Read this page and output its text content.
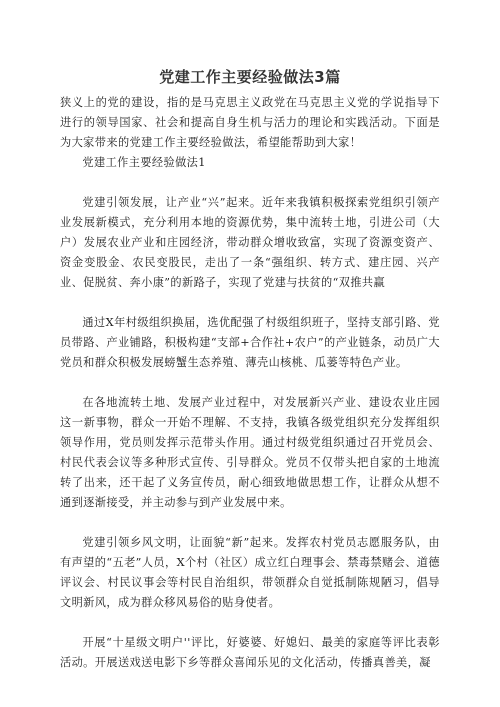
党建工作主要经验做法3篇

狭义上的党的建设，指的是马克思主义政党在马克思主义党的学说指导下进行的领导国家、社会和提高自身生机与活力的理论和实践活动。下面是为大家带来的党建工作主要经验做法，希望能帮助到大家！

党建工作主要经验做法1

党建引领发展，让产业“兴”起来。近年来我镇积极探索党组织引领产业发展新模式，充分利用本地的资源优势，集中流转土地，引进公司（大户）发展农业产业和庄园经济，带动群众增收致富，实现了资源变资产、资金变股金、农民变股民，走出了一条“强组织、转方式、建庄园、兴产业、促脱贫、奔小康”的新路子，实现了党建与扶贫的“双推共赢

通过X年村级组织换届，选优配强了村级组织班子，坚持支部引路、党员带路、产业铺路，积极构建“支部+合作社+农户”的产业链条，动员广大党员和群众积极发展螃蟹生态养殖、薄壳山核桃、瓜蒌等特色产业。

在各地流转土地、发展产业过程中，对发展新兴产业、建设农业庄园这一新事物，群众一开始不理解、不支持，我镇各级党组织充分发挥组织领导作用，党员则发挥示范带头作用。通过村级党组织通过召开党员会、村民代表会议等多种形式宣传、引导群众。党员不仅带头把自家的土地流转了出来，还干起了义务宣传员，耐心细致地做思想工作，让群众从想不通到逐渐接受，并主动参与到产业发展中来。

党建引领乡风文明，让面貌“新”起来。发挥农村党员志愿服务队，由有声望的“五老”人员，X个村（社区）成立红白理事会、禁毒禁赌会、道德评议会、村民议事会等村民自治组织，带领群众自觉抵制陈规陋习，倡导文明新风，成为群众移风易俗的贴身使者。

开展“十星级文明户''评比，好婆婆、好媳妇、最美的家庭等评比表彰活动。开展送戏送电影下乡等群众喜闻乐见的文化活动，传播真善美，凝
